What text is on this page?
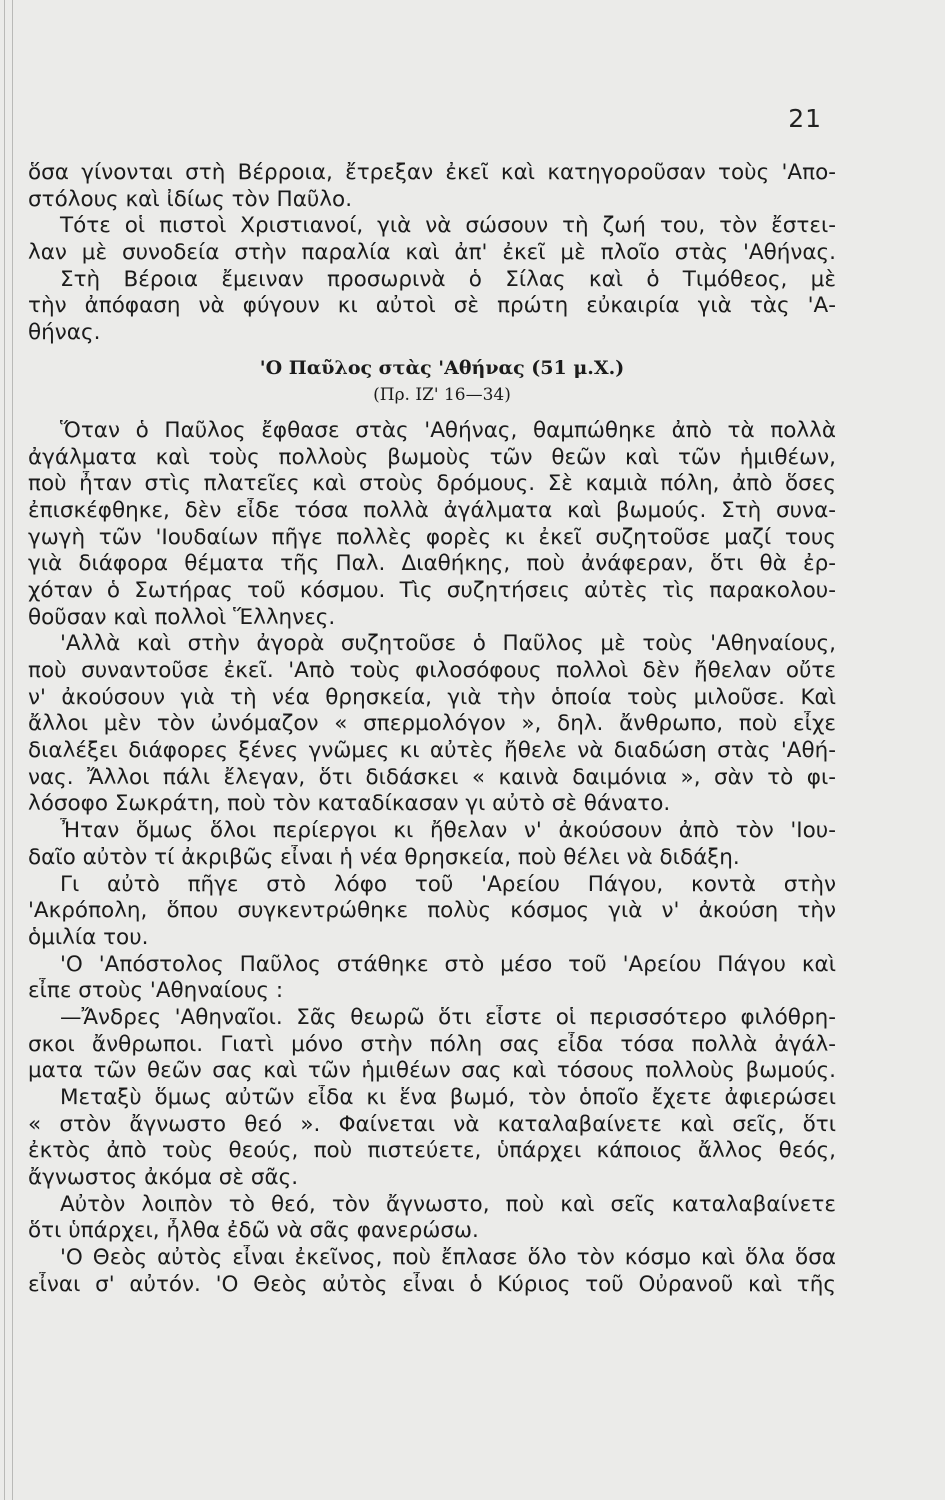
21
ὅσα γίνονται στὴ Βέρροια, ἔτρεξαν ἐκεῖ καὶ κατηγοροῦσαν τοὺς 'Απο-
στόλους καὶ ἰδίως τὸν Παῦλο.
Τότε οἱ πιστοὶ Χριστιανοί, γιὰ νὰ σώσουν τὴ ζωή του, τὸν ἔστει-
λαν μὲ συνοδεία στὴν παραλία καὶ ἀπ' ἐκεῖ μὲ πλοῖο στὰς 'Αθήνας.
Στὴ Βέροια ἔμειναν προσωρινὰ ὁ Σίλας καὶ ὁ Τιμόθεος, μὲ
τὴν ἀπόφαση νὰ φύγουν κι αὐτοὶ σὲ πρώτη εὐκαιρία γιὰ τὰς 'Α-
θήνας.
'Ο Παῦλος στὰς 'Αθήνας (51 μ.Χ.)
(Πρ. ΙΖ' 16—34)
Ὅταν ὁ Παῦλος ἔφθασε στὰς 'Αθήνας, θαμπώθηκε ἀπὸ τὰ πολλὰ
ἀγάλματα καὶ τοὺς πολλοὺς βωμοὺς τῶν θεῶν καὶ τῶν ἡμιθέων,
ποὺ ἦταν στὶς πλατεῖες καὶ στοὺς δρόμους. Σὲ καμιὰ πόλη, ἀπὸ ὅσες
ἐπισκέφθηκε, δὲν εἶδε τόσα πολλὰ ἀγάλματα καὶ βωμούς. Στὴ συνα-
γωγὴ τῶν 'Ιουδαίων πῆγε πολλὲς φορὲς κι ἐκεῖ συζητοῦσε μαζί τους
γιὰ διάφορα θέματα τῆς Παλ. Διαθήκης, ποὺ ἀνάφεραν, ὅτι θὰ ἐρ-
χόταν ὁ Σωτήρας τοῦ κόσμου. Τὶς συζητήσεις αὐτὲς τὶς παρακολου-
θοῦσαν καὶ πολλοὶ Ἕλληνες.
'Αλλὰ καὶ στὴν ἀγορὰ συζητοῦσε ὁ Παῦλος μὲ τοὺς 'Αθηναίους,
ποὺ συναντοῦσε ἐκεῖ. 'Απὸ τοὺς φιλοσόφους πολλοὶ δὲν ἤθελαν οὔτε
ν' ἀκούσουν γιὰ τὴ νέα θρησκεία, γιὰ τὴν ὁποία τοὺς μιλοῦσε. Καὶ
ἄλλοι μὲν τὸν ὠνόμαζον « σπερμολόγον », δηλ. ἄνθρωπο, ποὺ εἶχε
διαλέξει διάφορες ξένες γνῶμες κι αὐτὲς ἤθελε νὰ διαδώση στὰς 'Αθή-
νας. Ἄλλοι πάλι ἔλεγαν, ὅτι διδάσκει « καινὰ δαιμόνια », σὰν τὸ φι-
λόσοφο Σωκράτη, ποὺ τὸν καταδίκασαν γι αὐτὸ σὲ θάνατο.
Ἦταν ὅμως ὅλοι περίεργοι κι ἤθελαν ν' ἀκούσουν ἀπὸ τὸν 'Ιου-
δαῖο αὐτὸν τί ἀκριβῶς εἶναι ἡ νέα θρησκεία, ποὺ θέλει νὰ διδάξη.
Γι αὐτὸ πῆγε στὸ λόφο τοῦ 'Αρείου Πάγου, κοντὰ στὴν
'Ακρόπολη, ὅπου συγκεντρώθηκε πολὺς κόσμος γιὰ ν' ἀκούση τὴν
ὁμιλία του.
'Ο 'Απόστολος Παῦλος στάθηκε στὸ μέσο τοῦ 'Αρείου Πάγου καὶ
εἶπε στοὺς 'Αθηναίους :
—Ἄνδρες 'Αθηναῖοι. Σᾶς θεωρῶ ὅτι εἶστε οἱ περισσότερο φιλόθρη-
σκοι ἄνθρωποι. Γιατὶ μόνο στὴν πόλη σας εἶδα τόσα πολλὰ ἀγάλ-
ματα τῶν θεῶν σας καὶ τῶν ἡμιθέων σας καὶ τόσους πολλοὺς βωμούς.
Μεταξὺ ὅμως αὐτῶν εἶδα κι ἕνα βωμό, τὸν ὁποῖο ἔχετε ἀφιερώσει
« στὸν ἄγνωστο θεό ». Φαίνεται νὰ καταλαβαίνετε καὶ σεῖς, ὅτι
ἐκτὸς ἀπὸ τοὺς θεούς, ποὺ πιστεύετε, ὑπάρχει κάποιος ἄλλος θεός,
ἄγνωστος ἀκόμα σὲ σᾶς.
Αὐτὸν λοιπὸν τὸ θεό, τὸν ἄγνωστο, ποὺ καὶ σεῖς καταλαβαίνετε
ὅτι ὑπάρχει, ἦλθα ἐδῶ νὰ σᾶς φανερώσω.
'Ο Θεὸς αὐτὸς εἶναι ἐκεῖνος, ποὺ ἔπλασε ὅλο τὸν κόσμο καὶ ὅλα ὅσα
εἶναι σ' αὐτόν. 'Ο Θεὸς αὐτὸς εἶναι ὁ Κύριος τοῦ Οὐρανοῦ καὶ τῆς
